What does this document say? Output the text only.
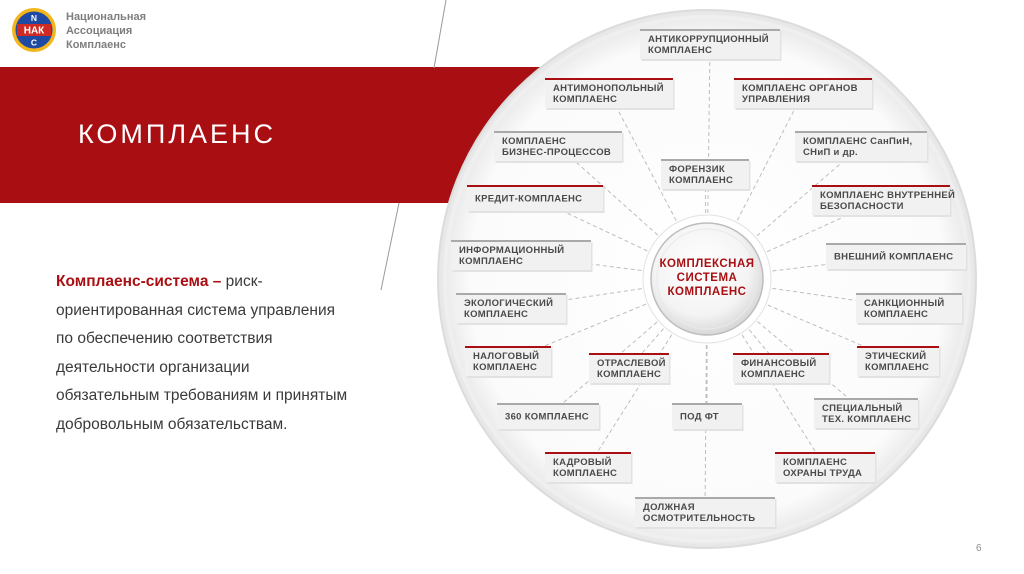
N
НАК
C
Национальная
Ассоциация
Комплаенс
КОМПЛАЕНС
Комплаенс-система – риск-ориентированная система управления по обеспечению соответствия деятельности организации обязательным требованиям и принятым добровольным обязательствам.
КОМПЛЕКСНАЯ
СИСТЕМА
КОМПЛАЕНС
АНТИКОРРУПЦИОННЫЙ
КОМПЛАЕНС
АНТИМОНОПОЛЬНЫЙ
КОМПЛАЕНС
КОМПЛАЕНС ОРГАНОВ
УПРАВЛЕНИЯ
КОМПЛАЕНС
БИЗНЕС-ПРОЦЕССОВ
ФОРЕНЗИК
КОМПЛАЕНС
КОМПЛАЕНС СанПиН,
СНиП и др.
КРЕДИТ-КОМПЛАЕНС	КОМПЛАЕНС ВНУТРЕННЕЙ
БЕЗОПАСНОСТИ
ИНФОРМАЦИОННЫЙ
КОМПЛАЕНС	ВНЕШНИЙ КОМПЛАЕНС
ЭКОЛОГИЧЕСКИЙ
КОМПЛАЕНС
САНКЦИОННЫЙ
КОМПЛАЕНС
НАЛОГОВЫЙ
КОМПЛАЕНС	ОТРАСЛЕВОЙ
КОМПЛАЕНС
ФИНАНСОВЫЙ
КОМПЛАЕНС
ЭТИЧЕСКИЙ
КОМПЛАЕНС
360 КОМПЛАЕНС	ПОД ФТ
СПЕЦИАЛЬНЫЙ
ТЕХ. КОМПЛАЕНС
КАДРОВЫЙ
КОМПЛАЕНС
КОМПЛАЕНС
ОХРАНЫ ТРУДА
ДОЛЖНАЯ
ОСМОТРИТЕЛЬНОСТЬ
6
